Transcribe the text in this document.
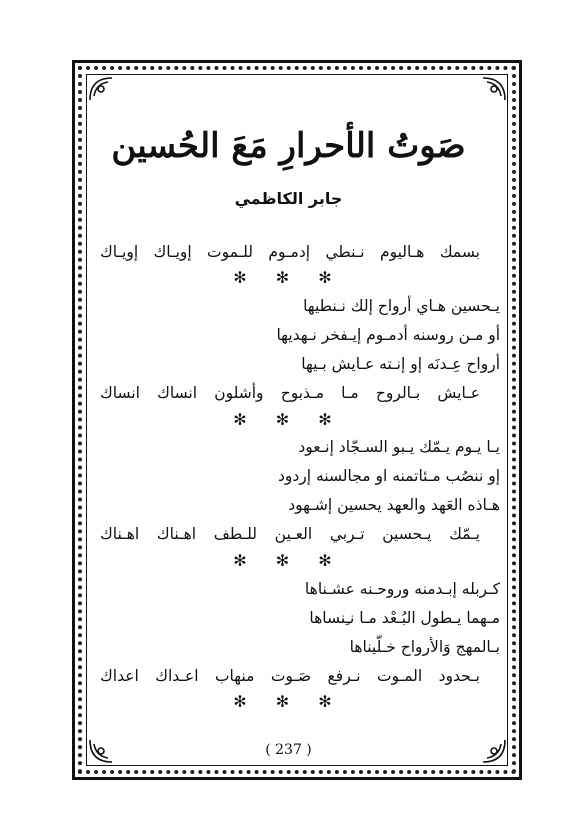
صَوتُ الأحرارِ مَعَ الحُسين
جابر الكاظمي
بسمك هـاليوم نـنطي إدمـوم للـموت إويـاك إويـاك
✻ ✻ ✻
يـحسين هـاي أرواح إلك نـنطيها
أو مـن روسنه أدمـوم إيـفخر نـهديها
أرواح عِـدنَه إو إنـته عـايش بـيها
عـايش بـالروح مـا مـذبوح وأشلون انساك انساك
✻ ✻ ✻
يـا يـوم يـمّك يـبو السـجّاد إنـعود
إو ننصُب مـئاتمنه او مجالسنه إردود
هـاذه العَهد والعهد يحسين إشـهود
يـمّك يـحسين تـربي العـين للـطف اهـناك اهـناك
✻ ✻ ✻
كـربله إبـدمنه وروحـنه عشـناها
مـهما يـطول البُـعْد مـا نـِنساها
بـالمهج وَالأرواح خـلّيناها
بـحدود المـوت نـرفع صَـوت منهاب اعـداك اعداك
✻ ✻ ✻
( 237 )
